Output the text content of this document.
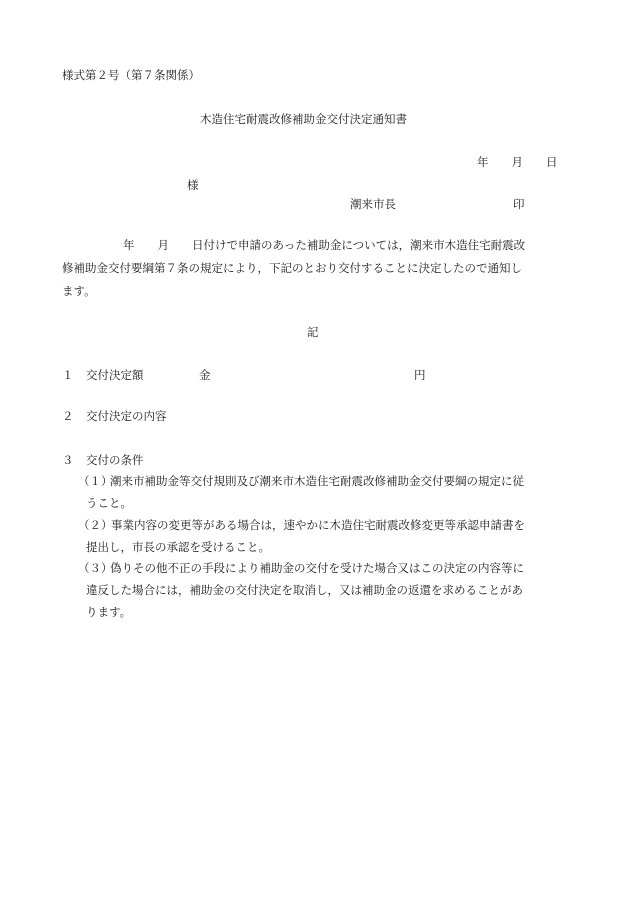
様式第２号（第７条関係）
木造住宅耐震改修補助金交付決定通知書
年　　月　　日
様
潮来市長	印
年　　月　　日付けで申請のあった補助金については，潮来市木造住宅耐震改
修補助金交付要綱第７条の規定により，下記のとおり交付することに決定したので通知し
ます。
記
１ 交付決定額	金	円
２ 交付決定の内容
３ 交付の条件
（１）
潮来市補助金等交付規則及び潮来市木造住宅耐震改修補助金交付要綱の規定に従
うこと。
（２）
事業内容の変更等がある場合は，速やかに木造住宅耐震改修変更等承認申請書を
提出し，市長の承認を受けること。
（３）
偽りその他不正の手段により補助金の交付を受けた場合又はこの決定の内容等に
違反した場合には，補助金の交付決定を取消し，又は補助金の返還を求めることがあ
ります。
